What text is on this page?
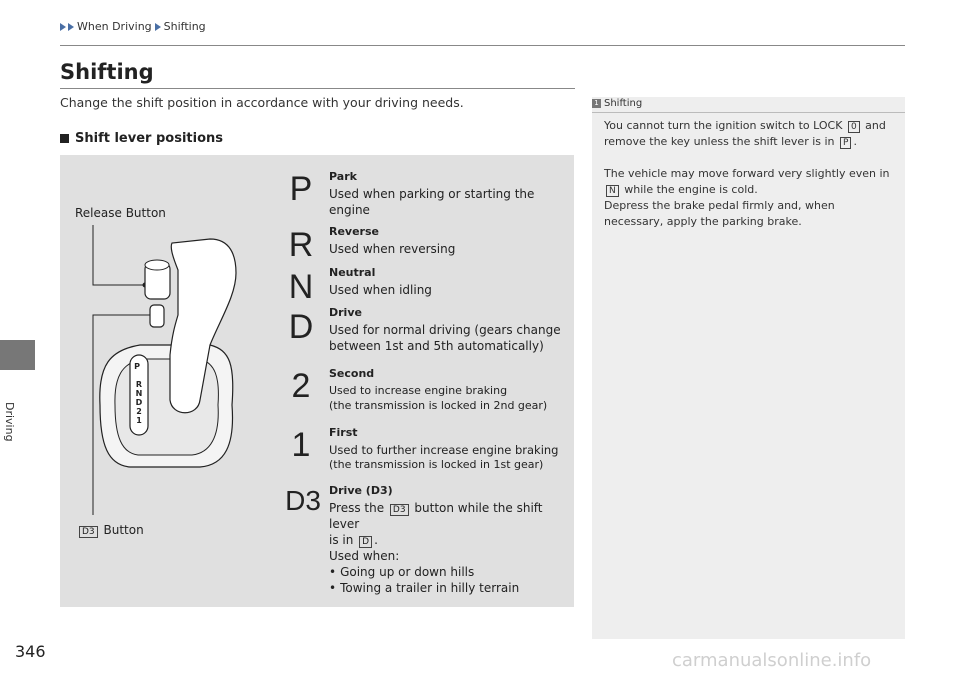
When Driving Shifting
Driving
Shifting
Change the shift position in accordance with your driving needs.
Shift lever positions
P
R
N
D
2
1
Release Button
D3 Button
P
R
N
D
2
1
D3
Park
Used when parking or starting the engine
Reverse
Used when reversing
Neutral
Used when idling
Drive
Used for normal driving (gears change between 1st and 5th automatically)
Second
Used to increase engine braking
(the transmission is locked in 2nd gear)
First
Used to further increase engine braking
(the transmission is locked in 1st gear)
Drive (D3)
Press the D3 button while the shift lever
is in D .
Used when:
• Going up or down hills
• Towing a trailer in hilly terrain
1 Shifting
You cannot turn the ignition switch to LOCK 0 and remove the key unless the shift lever is in P .
The vehicle may move forward very slightly even in
N while the engine is cold.
Depress the brake pedal firmly and, when necessary, apply the parking brake.
346	carmanualsonline.info
